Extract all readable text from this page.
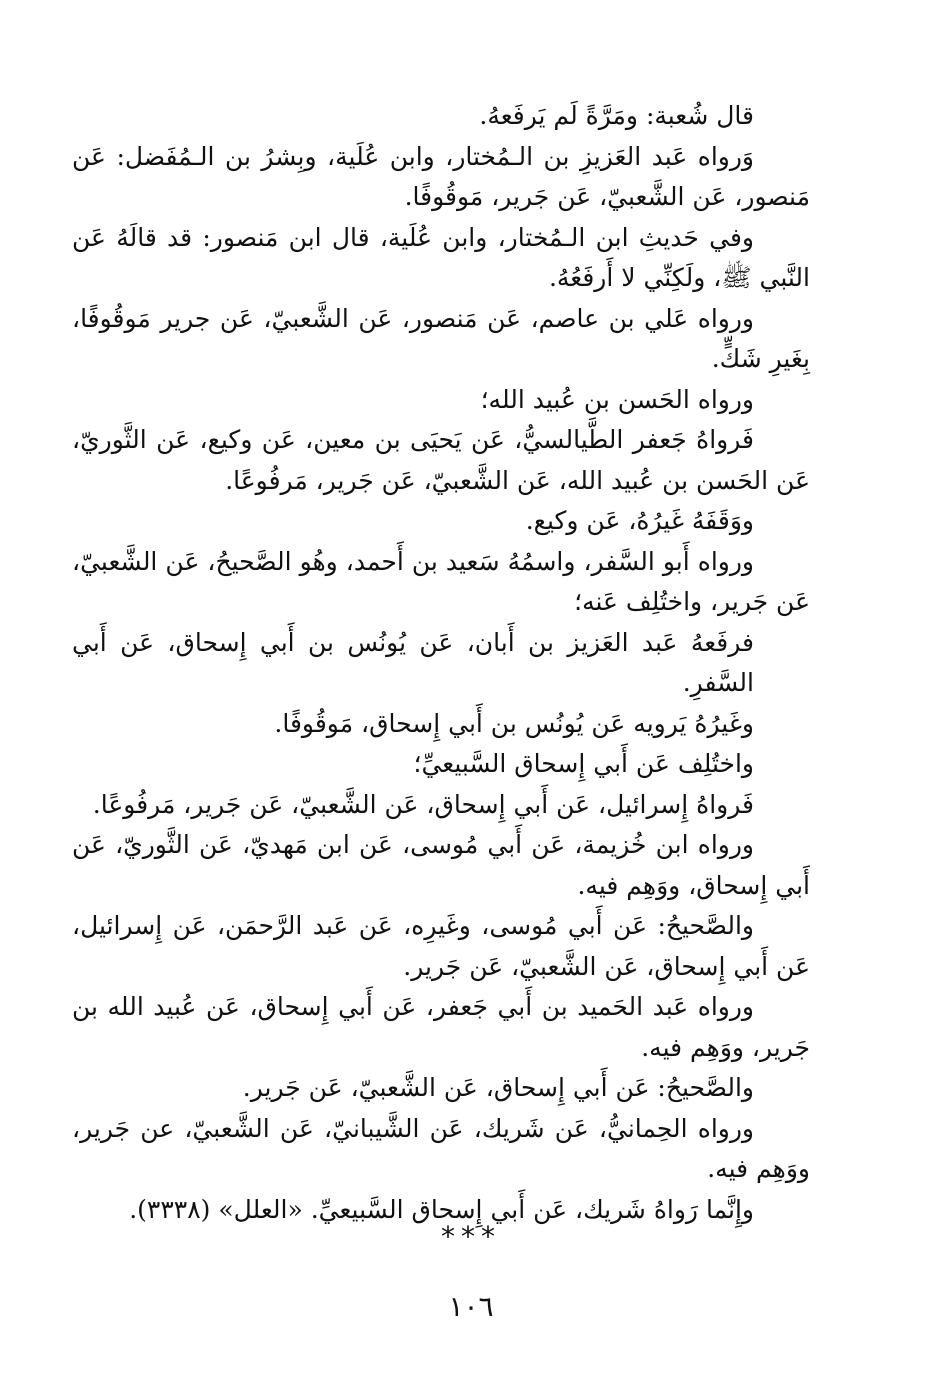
قال شُعبة: ومَرَّةً لَم يَرفَعهُ.

وَرواه عَبد العَزيزِ بن الـمُختار، وابن عُلَية، وبِشرُ بن الـمُفَضل: عَن مَنصور، عَن الشَّعبيّ، عَن جَرير، مَوقُوفًا.

وفي حَديثِ ابن الـمُختار، وابن عُلَية، قال ابن مَنصور: قد قالَهُ عَن النَّبي ﷺ، ولَكِنِّي لا أَرفَعُهُ.

ورواه عَلي بن عاصم، عَن مَنصور، عَن الشَّعبيّ، عَن جرير مَوقُوفًا، بِغَيرِ شَكٍّ.

ورواه الحَسن بن عُبيد الله؛

فَرواهُ جَعفر الطَّيالسيُّ، عَن يَحيَى بن معين، عَن وكيع، عَن الثَّوريّ، عَن الحَسن بن عُبيد الله، عَن الشَّعبيّ، عَن جَرير، مَرفُوعًا.

ووَقَفَهُ غَيرُهُ، عَن وكيع.

ورواه أَبو السَّفر، واسمُهُ سَعيد بن أَحمد، وهُو الصَّحيحُ، عَن الشَّعبيّ، عَن جَرير، واختُلِف عَنه؛

فرفَعهُ عَبد العَزيز بن أَبان، عَن يُونُس بن أَبي إِسحاق، عَن أَبي السَّفرِ.

وغَيرُهُ يَرويه عَن يُونُس بن أَبي إِسحاق، مَوقُوفًا.

واختُلِف عَن أَبي إِسحاق السَّبيعيِّ؛

فَرواهُ إِسرائيل، عَن أَبي إِسحاق، عَن الشَّعبيّ، عَن جَرير، مَرفُوعًا.

ورواه ابن خُزيمة، عَن أَبي مُوسى، عَن ابن مَهديّ، عَن الثَّوريّ، عَن أَبي إِسحاق، ووَهِم فيه.

والصَّحيحُ: عَن أَبي مُوسى، وغَيرِه، عَن عَبد الرَّحمَن، عَن إِسرائيل، عَن أَبي إِسحاق، عَن الشَّعبيّ، عَن جَرير.

ورواه عَبد الحَميد بن أَبي جَعفر، عَن أَبي إِسحاق، عَن عُبيد الله بن جَرير، ووَهِم فيه.

والصَّحيحُ: عَن أَبي إِسحاق، عَن الشَّعبيّ، عَن جَرير.

ورواه الحِمانيُّ، عَن شَريك، عَن الشَّيبانيّ، عَن الشَّعبيّ، عن جَرير، ووَهِم فيه.

وإِنَّما رَواهُ شَريك، عَن أَبي إِسحاق السَّبيعيِّ. «العلل» (٣٣٣٨).

***
١٠٦
